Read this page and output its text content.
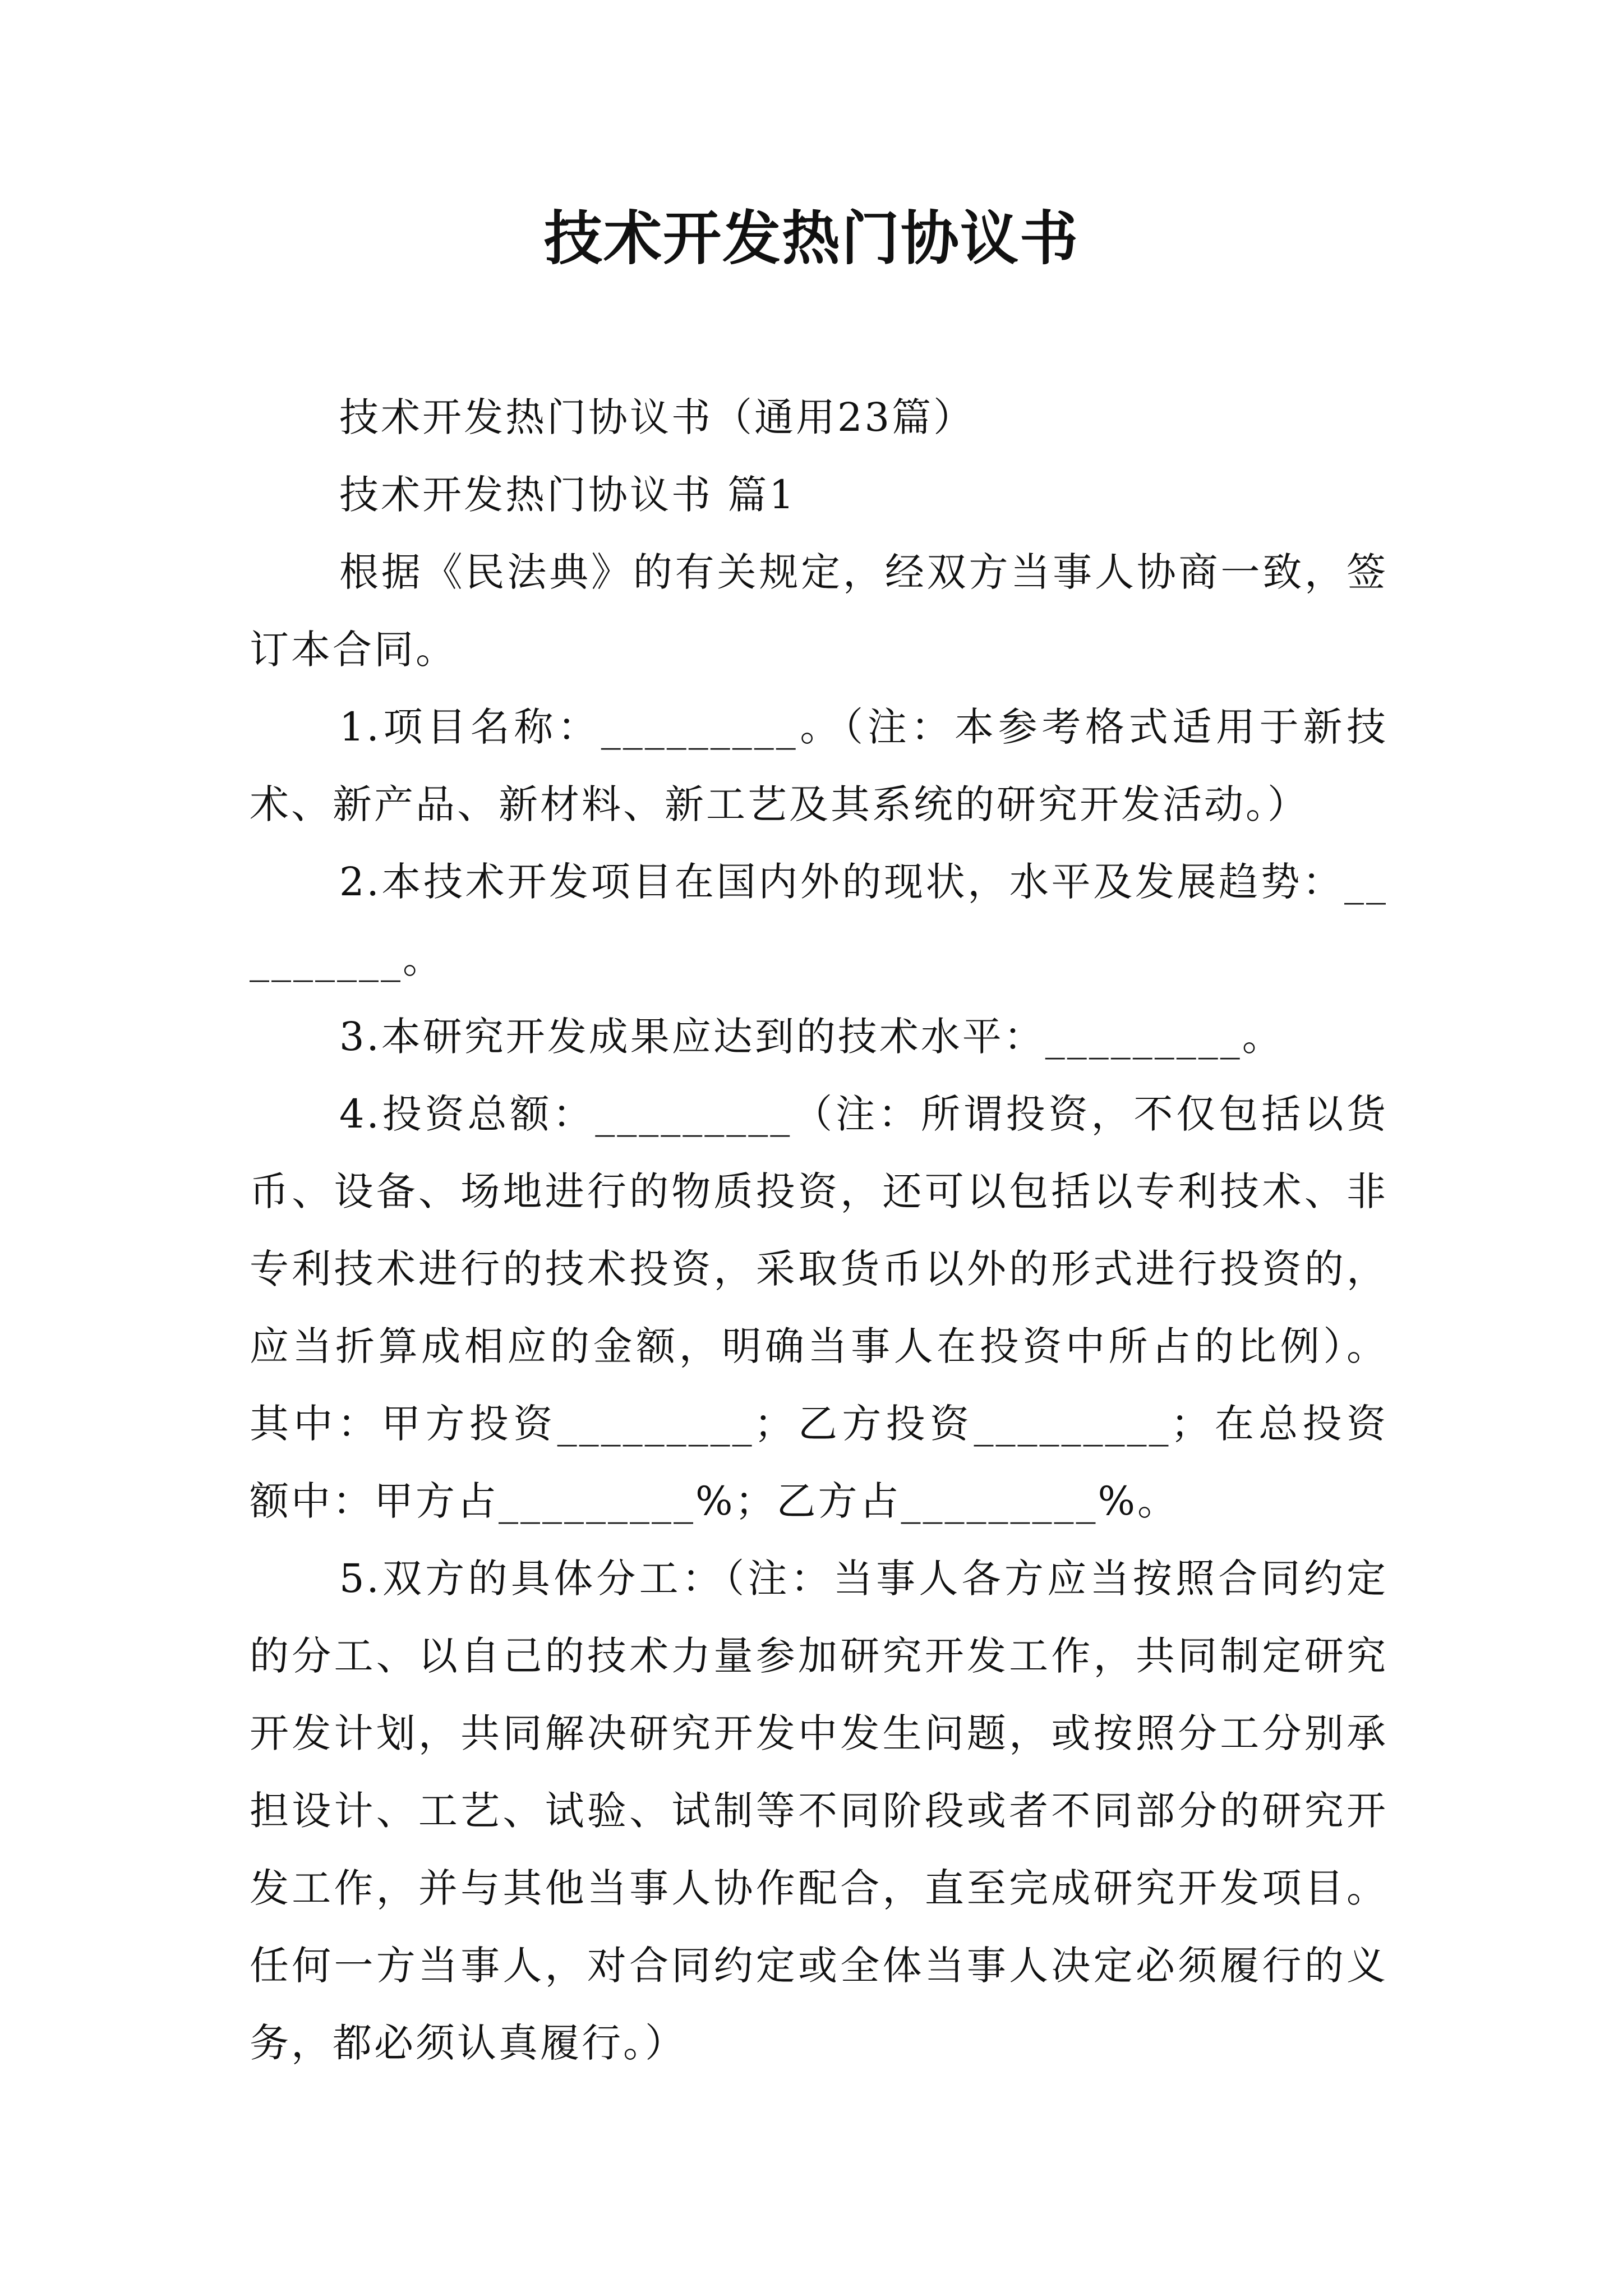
技术开发热门协议书

技术开发热门协议书（通用23篇）

技术开发热门协议书 篇1

根据《民法典》的有关规定，经双方当事人协商一致，签订本合同。

1.项目名称：_________。（注：本参考格式适用于新技术、新产品、新材料、新工艺及其系统的研究开发活动。）

2.本技术开发项目在国内外的现状，水平及发展趋势：_________。

3.本研究开发成果应达到的技术水平：_________。

4.投资总额：_________（注：所谓投资，不仅包括以货币、设备、场地进行的物质投资，还可以包括以专利技术、非专利技术进行的技术投资，采取货币以外的形式进行投资的，应当折算成相应的金额，明确当事人在投资中所占的比例）。其中：甲方投资_________；乙方投资_________；在总投资额中：甲方占_________%；乙方占_________%。

5.双方的具体分工：（注：当事人各方应当按照合同约定的分工、以自己的技术力量参加研究开发工作，共同制定研究开发计划，共同解决研究开发中发生问题，或按照分工分别承担设计、工艺、试验、试制等不同阶段或者不同部分的研究开发工作，并与其他当事人协作配合，直至完成研究开发项目。任何一方当事人，对合同约定或全体当事人决定必须履行的义务，都必须认真履行。）
